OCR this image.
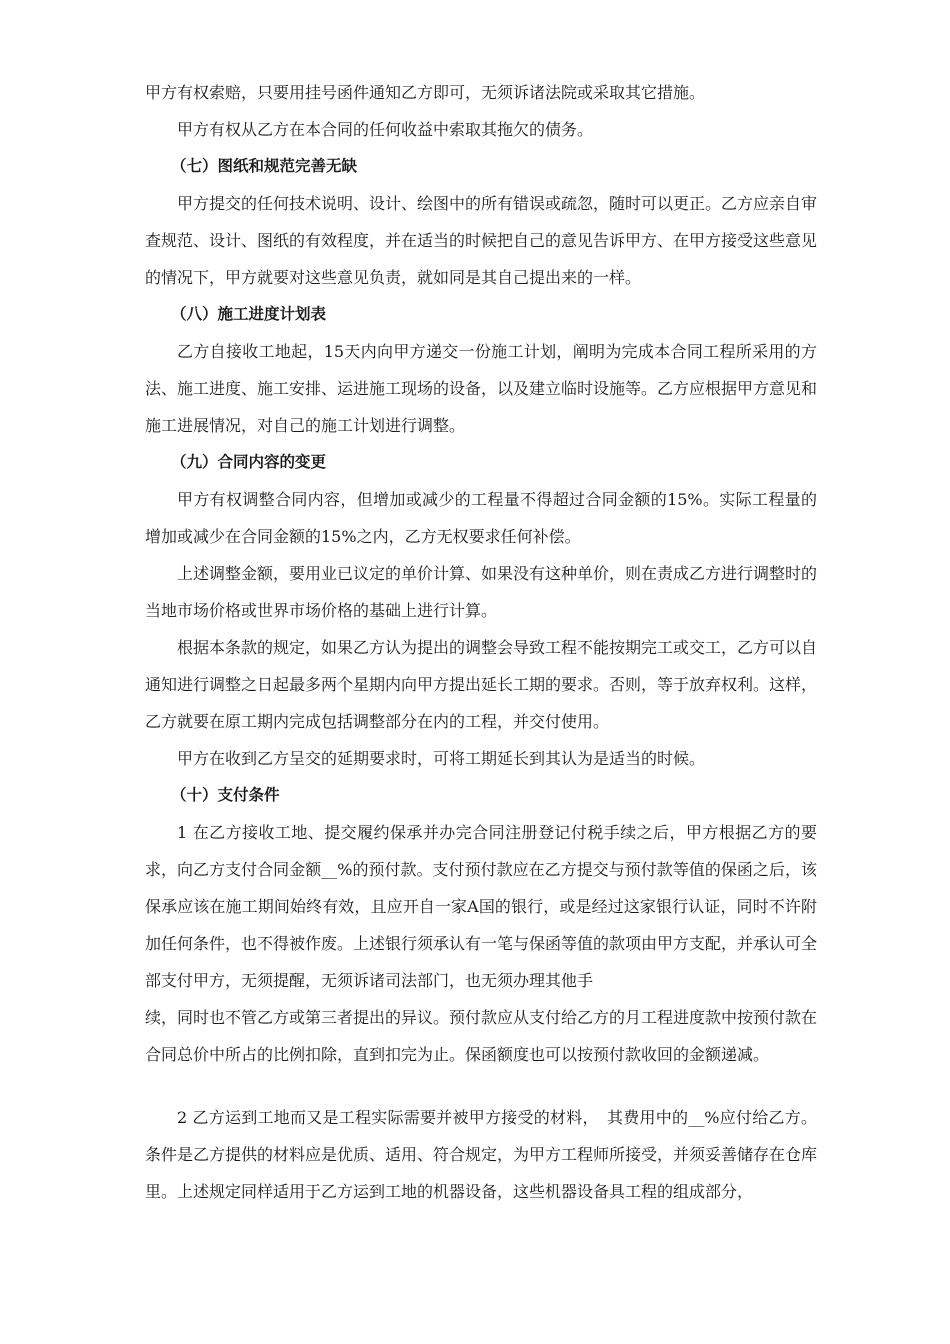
甲方有权索赔，只要用挂号函件通知乙方即可，无须诉诸法院或采取其它措施。

甲方有权从乙方在本合同的任何收益中索取其拖欠的债务。

（七）图纸和规范完善无缺

甲方提交的任何技术说明、设计、绘图中的所有错误或疏忽，随时可以更正。乙方应亲自审查规范、设计、图纸的有效程度，并在适当的时候把自己的意见告诉甲方、在甲方接受这些意见的情况下，甲方就要对这些意见负责，就如同是其自己提出来的一样。

（八）施工进度计划表

乙方自接收工地起，15天内向甲方递交一份施工计划，阐明为完成本合同工程所采用的方法、施工进度、施工安排、运进施工现场的设备，以及建立临时设施等。乙方应根据甲方意见和施工进展情况，对自己的施工计划进行调整。

（九）合同内容的变更

甲方有权调整合同内容，但增加或减少的工程量不得超过合同金额的15%。实际工程量的增加或减少在合同金额的15%之内，乙方无权要求任何补偿。

上述调整金额，要用业已议定的单价计算、如果没有这种单价，则在责成乙方进行调整时的当地市场价格或世界市场价格的基础上进行计算。

根据本条款的规定，如果乙方认为提出的调整会导致工程不能按期完工或交工，乙方可以自通知进行调整之日起最多两个星期内向甲方提出延长工期的要求。否则，等于放弃权利。这样，乙方就要在原工期内完成包括调整部分在内的工程，并交付使用。

甲方在收到乙方呈交的延期要求时，可将工期延长到其认为是适当的时候。

（十）支付条件

1 在乙方接收工地、提交履约保承并办完合同注册登记付税手续之后，甲方根据乙方的要求，向乙方支付合同金额__%的预付款。支付预付款应在乙方提交与预付款等值的保函之后，该保承应该在施工期间始终有效，且应开自一家A国的银行，或是经过这家银行认证，同时不许附加任何条件，也不得被作废。上述银行须承认有一笔与保函等值的款项由甲方支配，并承认可全部支付甲方，无须提醒，无须诉诸司法部门，也无须办理其他手

续，同时也不管乙方或第三者提出的异议。预付款应从支付给乙方的月工程进度款中按预付款在合同总价中所占的比例扣除，直到扣完为止。保函额度也可以按预付款收回的金额递减。

2 乙方运到工地而又是工程实际需要并被甲方接受的材料，　其费用中的__%应付给乙方。条件是乙方提供的材料应是优质、适用、符合规定，为甲方工程师所接受，并须妥善储存在仓库里。上述规定同样适用于乙方运到工地的机器设备，这些机器设备具工程的组成部分，
